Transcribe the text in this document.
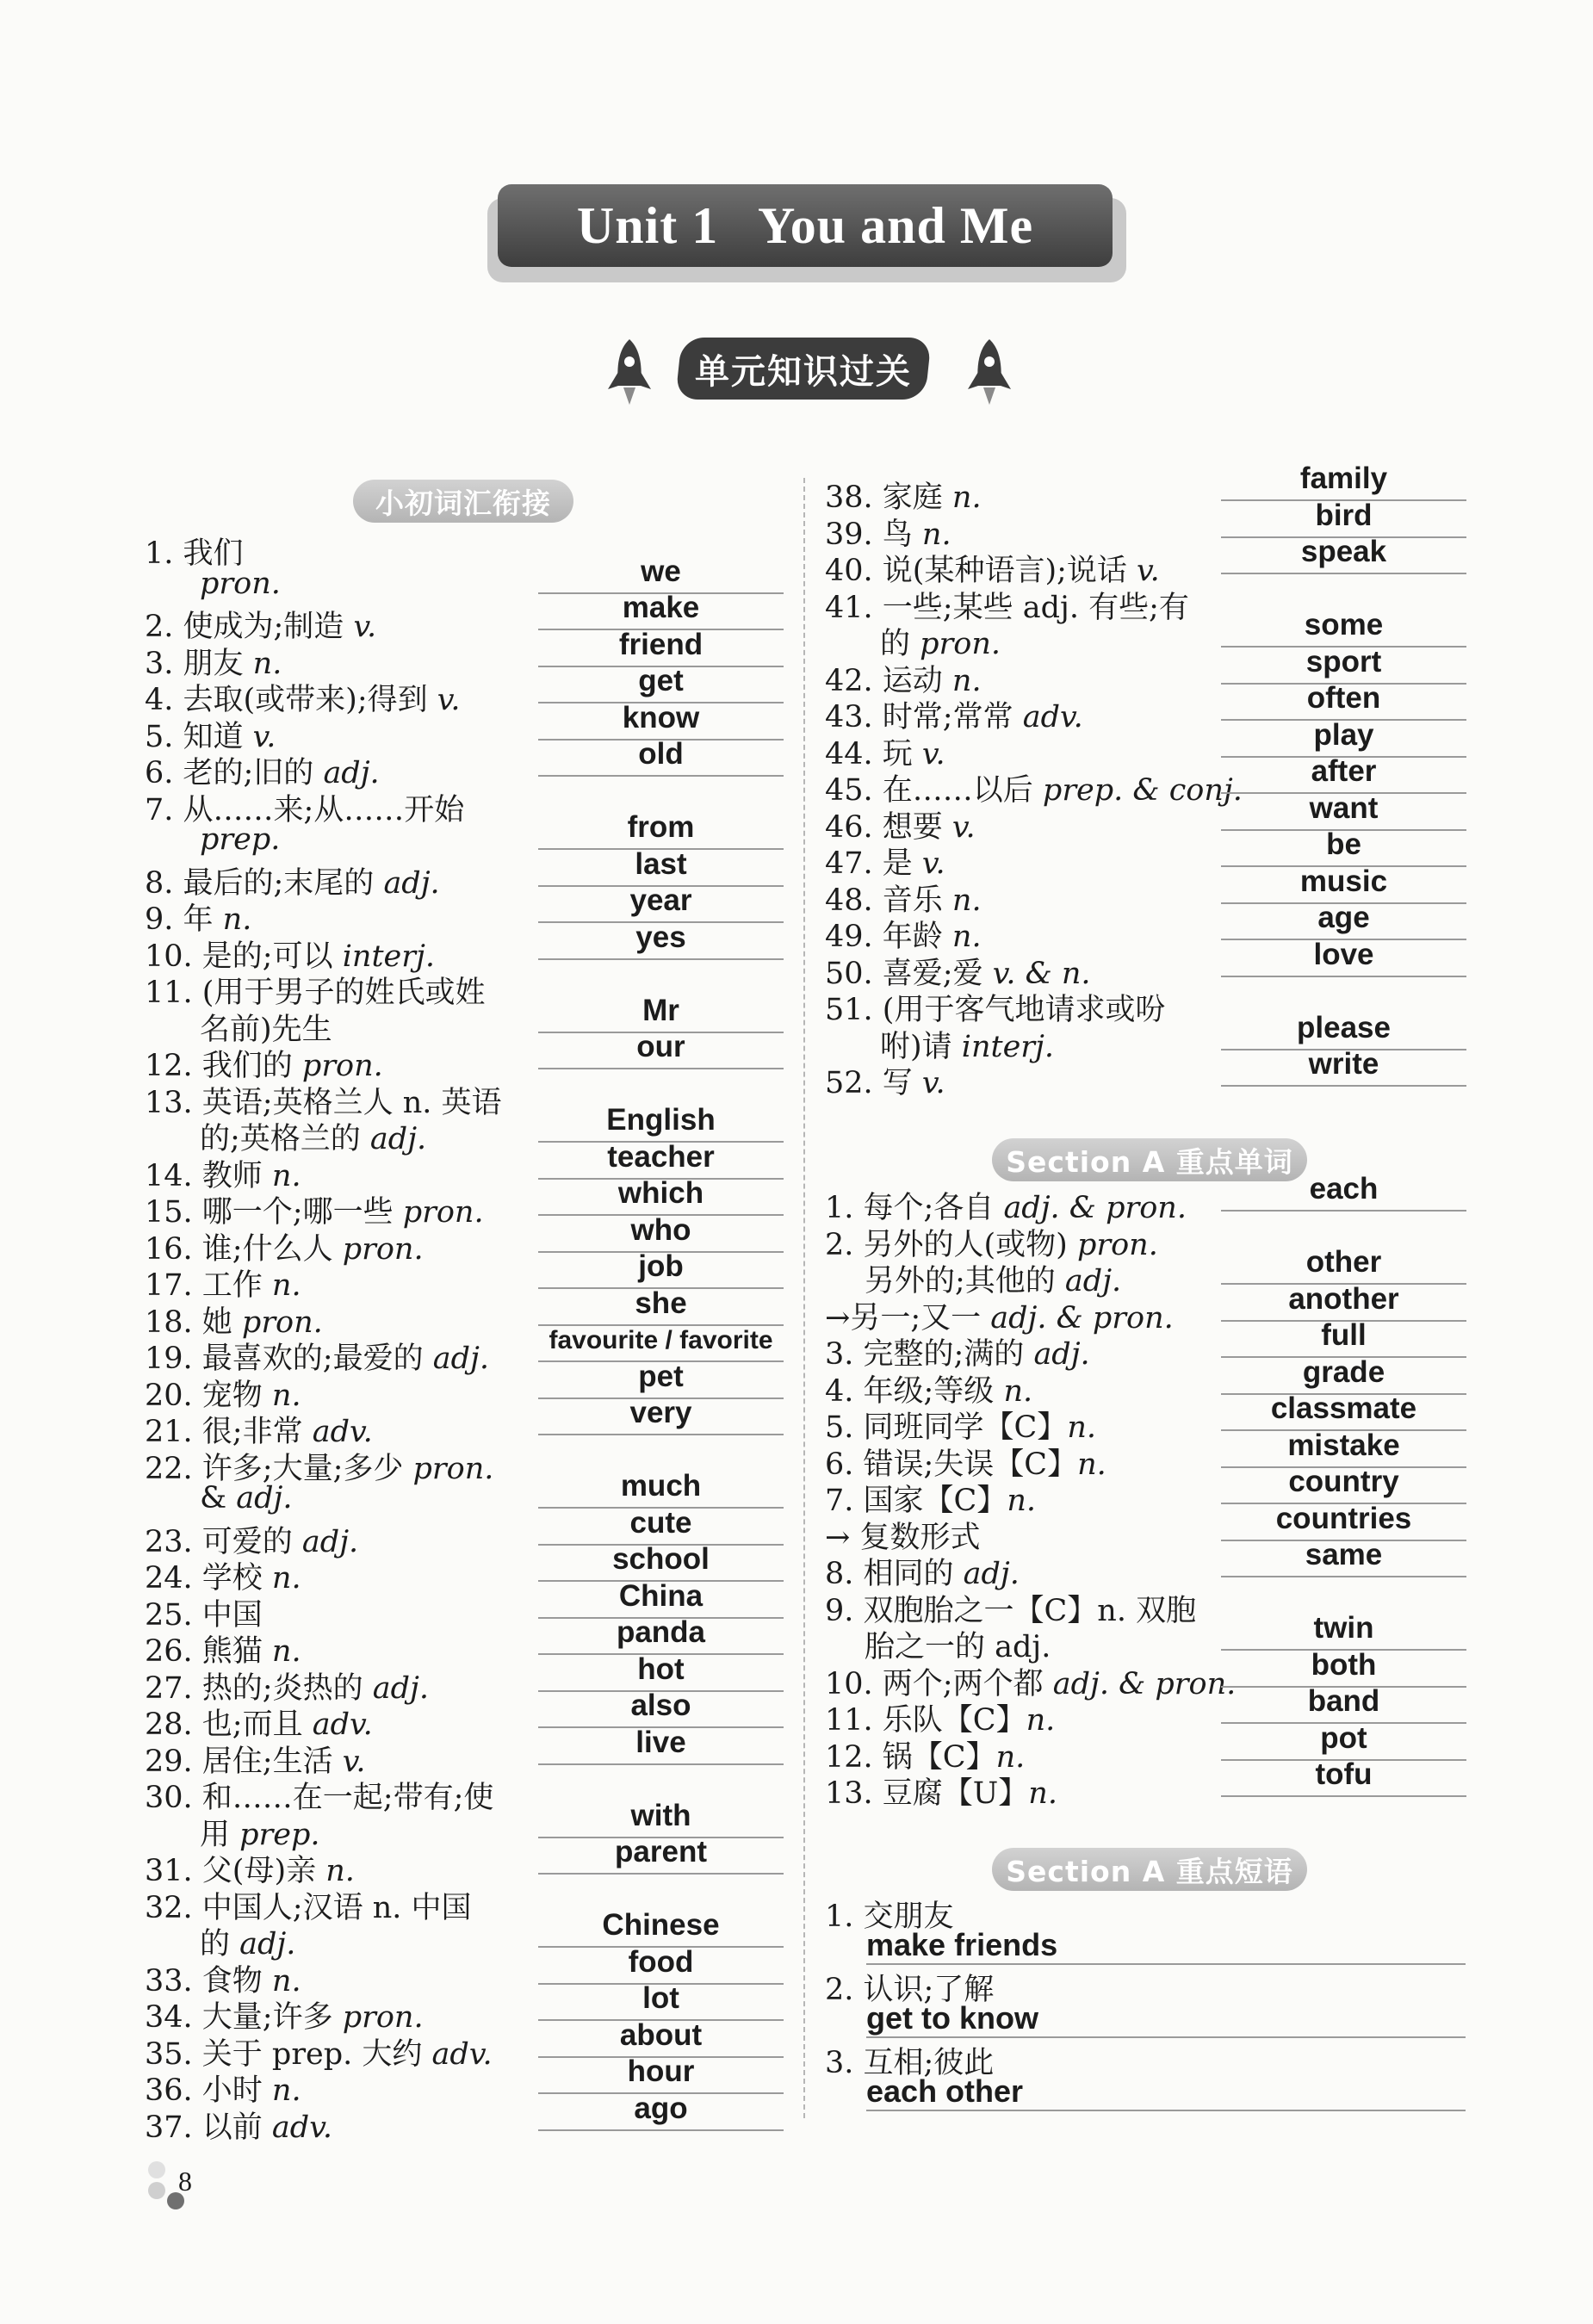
Unit 1   You and Me
单元知识过关
小初词汇衔接
Section A 重点单词
Section A 重点短语
8
1. 我们
pron.	we
2. 使成为;制造 v.
make
3. 朋友 n.
friend
4. 去取(或带来);得到 v.
get
5. 知道 v.
know
6. 老的;旧的 adj.
old
7. 从……来;从……开始
prep.	from
8. 最后的;末尾的 adj.
last
9. 年 n.
year
10. 是的;可以 interj.
yes
11. (用于男子的姓氏或姓
名前)先生
Mr
12. 我们的 pron.
our
13. 英语;英格兰人 n. 英语
的;英格兰的 adj.
English
14. 教师 n.
teacher
15. 哪一个;哪一些 pron.
which
16. 谁;什么人 pron.
who
17. 工作 n.
job
18. 她 pron.
she
19. 最喜欢的;最爱的 adj.
favourite / favorite
20. 宠物 n.
pet
21. 很;非常 adv.
very
22. 许多;大量;多少 pron.
& adj.	much
23. 可爱的 adj.
cute
24. 学校 n.
school
25. 中国
China
26. 熊猫 n.
panda
27. 热的;炎热的 adj.
hot
28. 也;而且 adv.
also
29. 居住;生活 v.
live
30. 和……在一起;带有;使
用 prep.
with
31. 父(母)亲 n.
parent
32. 中国人;汉语 n. 中国
的 adj.
Chinese
33. 食物 n.
food
34. 大量;许多 pron.
lot
35. 关于 prep. 大约 adv.
about
36. 小时 n.
hour
37. 以前 adv.
ago
38. 家庭 n.
family
39. 鸟 n.
bird
40. 说(某种语言);说话 v.
speak
41. 一些;某些 adj. 有些;有
的 pron.
some
42. 运动 n.
sport
43. 时常;常常 adv.
often
44. 玩 v.
play
45. 在……以后 prep. & conj.
after
46. 想要 v.
want
47. 是 v.
be
48. 音乐 n.
music
49. 年龄 n.
age
50. 喜爱;爱 v. & n.
love
51. (用于客气地请求或吩
咐)请 interj.
please
52. 写 v.
write
1. 每个;各自 adj. & pron.
each
2. 另外的人(或物) pron.
另外的;其他的 adj.
other
→另一;又一 adj. & pron.
another
3. 完整的;满的 adj.
full
4. 年级;等级 n.
grade
5. 同班同学【C】n.
classmate
6. 错误;失误【C】n.
mistake
7. 国家【C】n.
country
→ 复数形式
countries
8. 相同的 adj.
same
9. 双胞胎之一【C】n. 双胞
胎之一的 adj.
twin
10. 两个;两个都 adj. & pron.
both
11. 乐队【C】n.
band
12. 锅【C】n.
pot
13. 豆腐【U】n.
tofu
1. 交朋友
make friends
2. 认识;了解
get to know
3. 互相;彼此
each other
